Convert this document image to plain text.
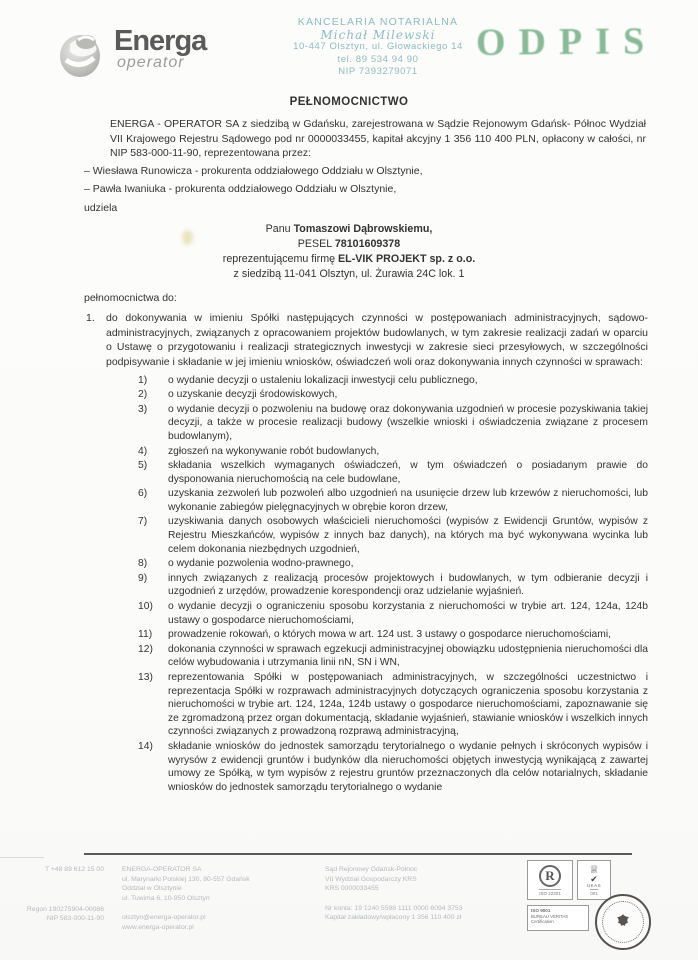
Energa
operator
KANCELARIA NOTARIALNA
Michał Milewski
10-447 Olsztyn, ul. Głowackiego 14
tel. 89 534 94 90
NIP 7393279071
ODPIS
PEŁNOMOCNICTWO
ENERGA - OPERATOR SA z siedzibą w Gdańsku, zarejestrowana w Sądzie Rejonowym Gdańsk- Północ Wydział VII Krajowego Rejestru Sądowego pod nr 0000033455, kapitał akcyjny 1 356 110 400 PLN, opłacony w całości, nr NIP 583-000-11-90, reprezentowana przez:
– Wiesława Runowicza - prokurenta oddziałowego Oddziału w Olsztynie,
– Pawła Iwaniuka - prokurenta oddziałowego Oddziału w Olsztynie,
udziela
Panu Tomaszowi Dąbrowskiemu,
PESEL 78101609378
reprezentującemu firmę EL-VIK PROJEKT sp. z o.o.
z siedzibą 11-041 Olsztyn, ul. Żurawia 24C lok. 1
pełnomocnictwa do:
1.	do dokonywania w imieniu Spółki następujących czynności w postępowaniach administracyjnych, sądowo-administracyjnych, związanych z opracowaniem projektów budowlanych, w tym zakresie realizacji zadań w oparciu o Ustawę o przygotowaniu i realizacji strategicznych inwestycji w zakresie sieci przesyłowych, w szczególności podpisywanie i składanie w jej imieniu wniosków, oświadczeń woli oraz dokonywania innych czynności w sprawach:
1)	o wydanie decyzji o ustaleniu lokalizacji inwestycji celu publicznego,
2)	o uzyskanie decyzji środowiskowych,
3)	o wydanie decyzji o pozwoleniu na budowę oraz dokonywania uzgodnień w procesie pozyskiwania takiej decyzji, a także w procesie realizacji budowy (wszelkie wnioski i oświadczenia związane z procesem budowlanym),
4)	zgłoszeń na wykonywanie robót budowlanych,
5)	składania wszelkich wymaganych oświadczeń, w tym oświadczeń o posiadanym prawie do dysponowania nieruchomością na cele budowlane,
6)	uzyskania zezwoleń lub pozwoleń albo uzgodnień na usunięcie drzew lub krzewów z nieruchomości, lub wykonanie zabiegów pielęgnacyjnych w obrębie koron drzew,
7)	uzyskiwania danych osobowych właścicieli nieruchomości (wypisów z Ewidencji Gruntów, wypisów z Rejestru Mieszkańców, wypisów z innych baz danych), na których ma być wykonywana wycinka lub celem dokonania niezbędnych uzgodnień,
8)	o wydanie pozwolenia wodno-prawnego,
9)	innych związanych z realizacją procesów projektowych i budowlanych, w tym odbieranie decyzji i uzgodnień z urzędów, prowadzenie korespondencji oraz udzielanie wyjaśnień.
10)	o wydanie decyzji o ograniczeniu sposobu korzystania z nieruchomości w trybie art. 124, 124a, 124b ustawy o gospodarce nieruchomościami,
11)	prowadzenie rokowań, o których mowa w art. 124 ust. 3 ustawy o gospodarce nieruchomościami,
12)	dokonania czynności w sprawach egzekucji administracyjnej obowiązku udostępnienia nieruchomości dla celów wybudowania i utrzymania linii nN, SN i WN,
13)	reprezentowania Spółki w postępowaniach administracyjnych, w szczególności uczestnictwo i reprezentacja Spółki w rozprawach administracyjnych dotyczących ograniczenia sposobu korzystania z nieruchomości w trybie art. 124, 124a, 124b ustawy o gospodarce nieruchomościami, zapoznawanie się ze zgromadzoną przez organ dokumentacją, składanie wyjaśnień, stawianie wniosków i wszelkich innych czynności związanych z prowadzoną rozprawą administracyjną,
14)	składanie wniosków do jednostek samorządu terytorialnego o wydanie pełnych i skróconych wypisów i wyrysów z ewidencji gruntów i budynków dla nieruchomości objętych inwestycją wynikającą z zawartej umowy ze Spółką, w tym wypisów z rejestru gruntów przeznaczonych dla celów notarialnych, składanie wniosków do jednostek samorządu terytorialnego o wydanie
T +48 89 612 15 00
Regon 190275904-00086
NIP 583-000-11-90
ENERGA-OPERATOR SA
ul. Marynarki Polskiej 130, 80-557 Gdańsk
Oddział w Olsztynie
ul. Tuwima 6, 10-950 Olsztyn
olsztyn@energa-operator.pl
www.energa-operator.pl
Sąd Rejonowy Gdańsk-Północ
VII Wydział Gospodarczy KRS
KRS 0000033455
Nr konta: 19 1240 5598 1111 0000 6094 3753
Kapitał zakładowy/wpłacony 1 356 110 400 zł
R
ISO 22301
♕
✔
UKAS
001
ISO 9001
BUREAU VERITAS
Certification
